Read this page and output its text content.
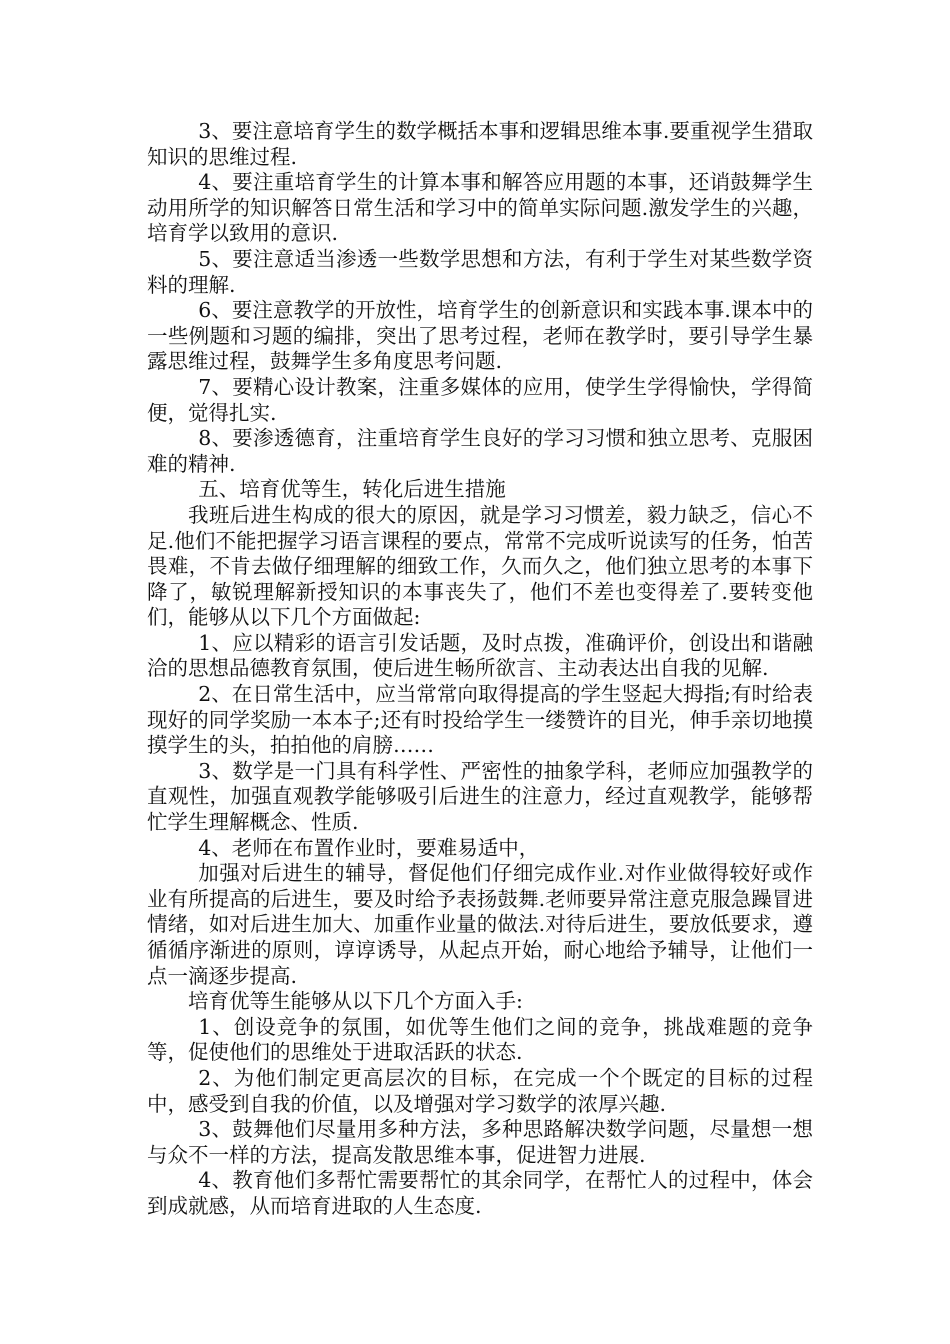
3、要注意培育学生的数学概括本事和逻辑思维本事.要重视学生猎取知识的思维过程.

4、要注重培育学生的计算本事和解答应用题的本事，还诮鼓舞学生动用所学的知识解答日常生活和学习中的简单实际问题.激发学生的兴趣，培育学以致用的意识.

5、要注意适当渗透一些数学思想和方法，有利于学生对某些数学资料的理解.

6、要注意教学的开放性，培育学生的创新意识和实践本事.课本中的一些例题和习题的编排，突出了思考过程，老师在教学时，要引导学生暴露思维过程，鼓舞学生多角度思考问题.

7、要精心设计教案，注重多媒体的应用，使学生学得愉快，学得简便，觉得扎实.

8、要渗透德育，注重培育学生良好的学习习惯和独立思考、克服困难的精神.

五、培育优等生，转化后进生措施

我班后进生构成的很大的原因，就是学习习惯差，毅力缺乏，信心不足.他们不能把握学习语言课程的要点，常常不完成听说读写的任务，怕苦畏难，不肯去做仔细理解的细致工作，久而久之，他们独立思考的本事下降了，敏锐理解新授知识的本事丧失了，他们不差也变得差了.要转变他们，能够从以下几个方面做起:

1、应以精彩的语言引发话题，及时点拨，准确评价，创设出和谐融洽的思想品德教育氛围，使后进生畅所欲言、主动表达出自我的见解.

2、在日常生活中，应当常常向取得提高的学生竖起大拇指;有时给表现好的同学奖励一本本子;还有时投给学生一缕赞许的目光，伸手亲切地摸摸学生的头，拍拍他的肩膀……

3、数学是一门具有科学性、严密性的抽象学科，老师应加强教学的直观性，加强直观教学能够吸引后进生的注意力，经过直观教学，能够帮忙学生理解概念、性质.

4、老师在布置作业时，要难易适中，

加强对后进生的辅导，督促他们仔细完成作业.对作业做得较好或作业有所提高的后进生，要及时给予表扬鼓舞.老师要异常注意克服急躁冒进情绪，如对后进生加大、加重作业量的做法.对待后进生，要放低要求，遵循循序渐进的原则，谆谆诱导，从起点开始，耐心地给予辅导，让他们一点一滴逐步提高.

培育优等生能够从以下几个方面入手:

1、创设竞争的氛围，如优等生他们之间的竞争，挑战难题的竞争等，促使他们的思维处于进取活跃的状态.

2、为他们制定更高层次的目标，在完成一个个既定的目标的过程中，感受到自我的价值，以及增强对学习数学的浓厚兴趣.

3、鼓舞他们尽量用多种方法，多种思路解决数学问题，尽量想一想与众不一样的方法，提高发散思维本事，促进智力进展.

4、教育他们多帮忙需要帮忙的其余同学，在帮忙人的过程中，体会到成就感，从而培育进取的人生态度.
